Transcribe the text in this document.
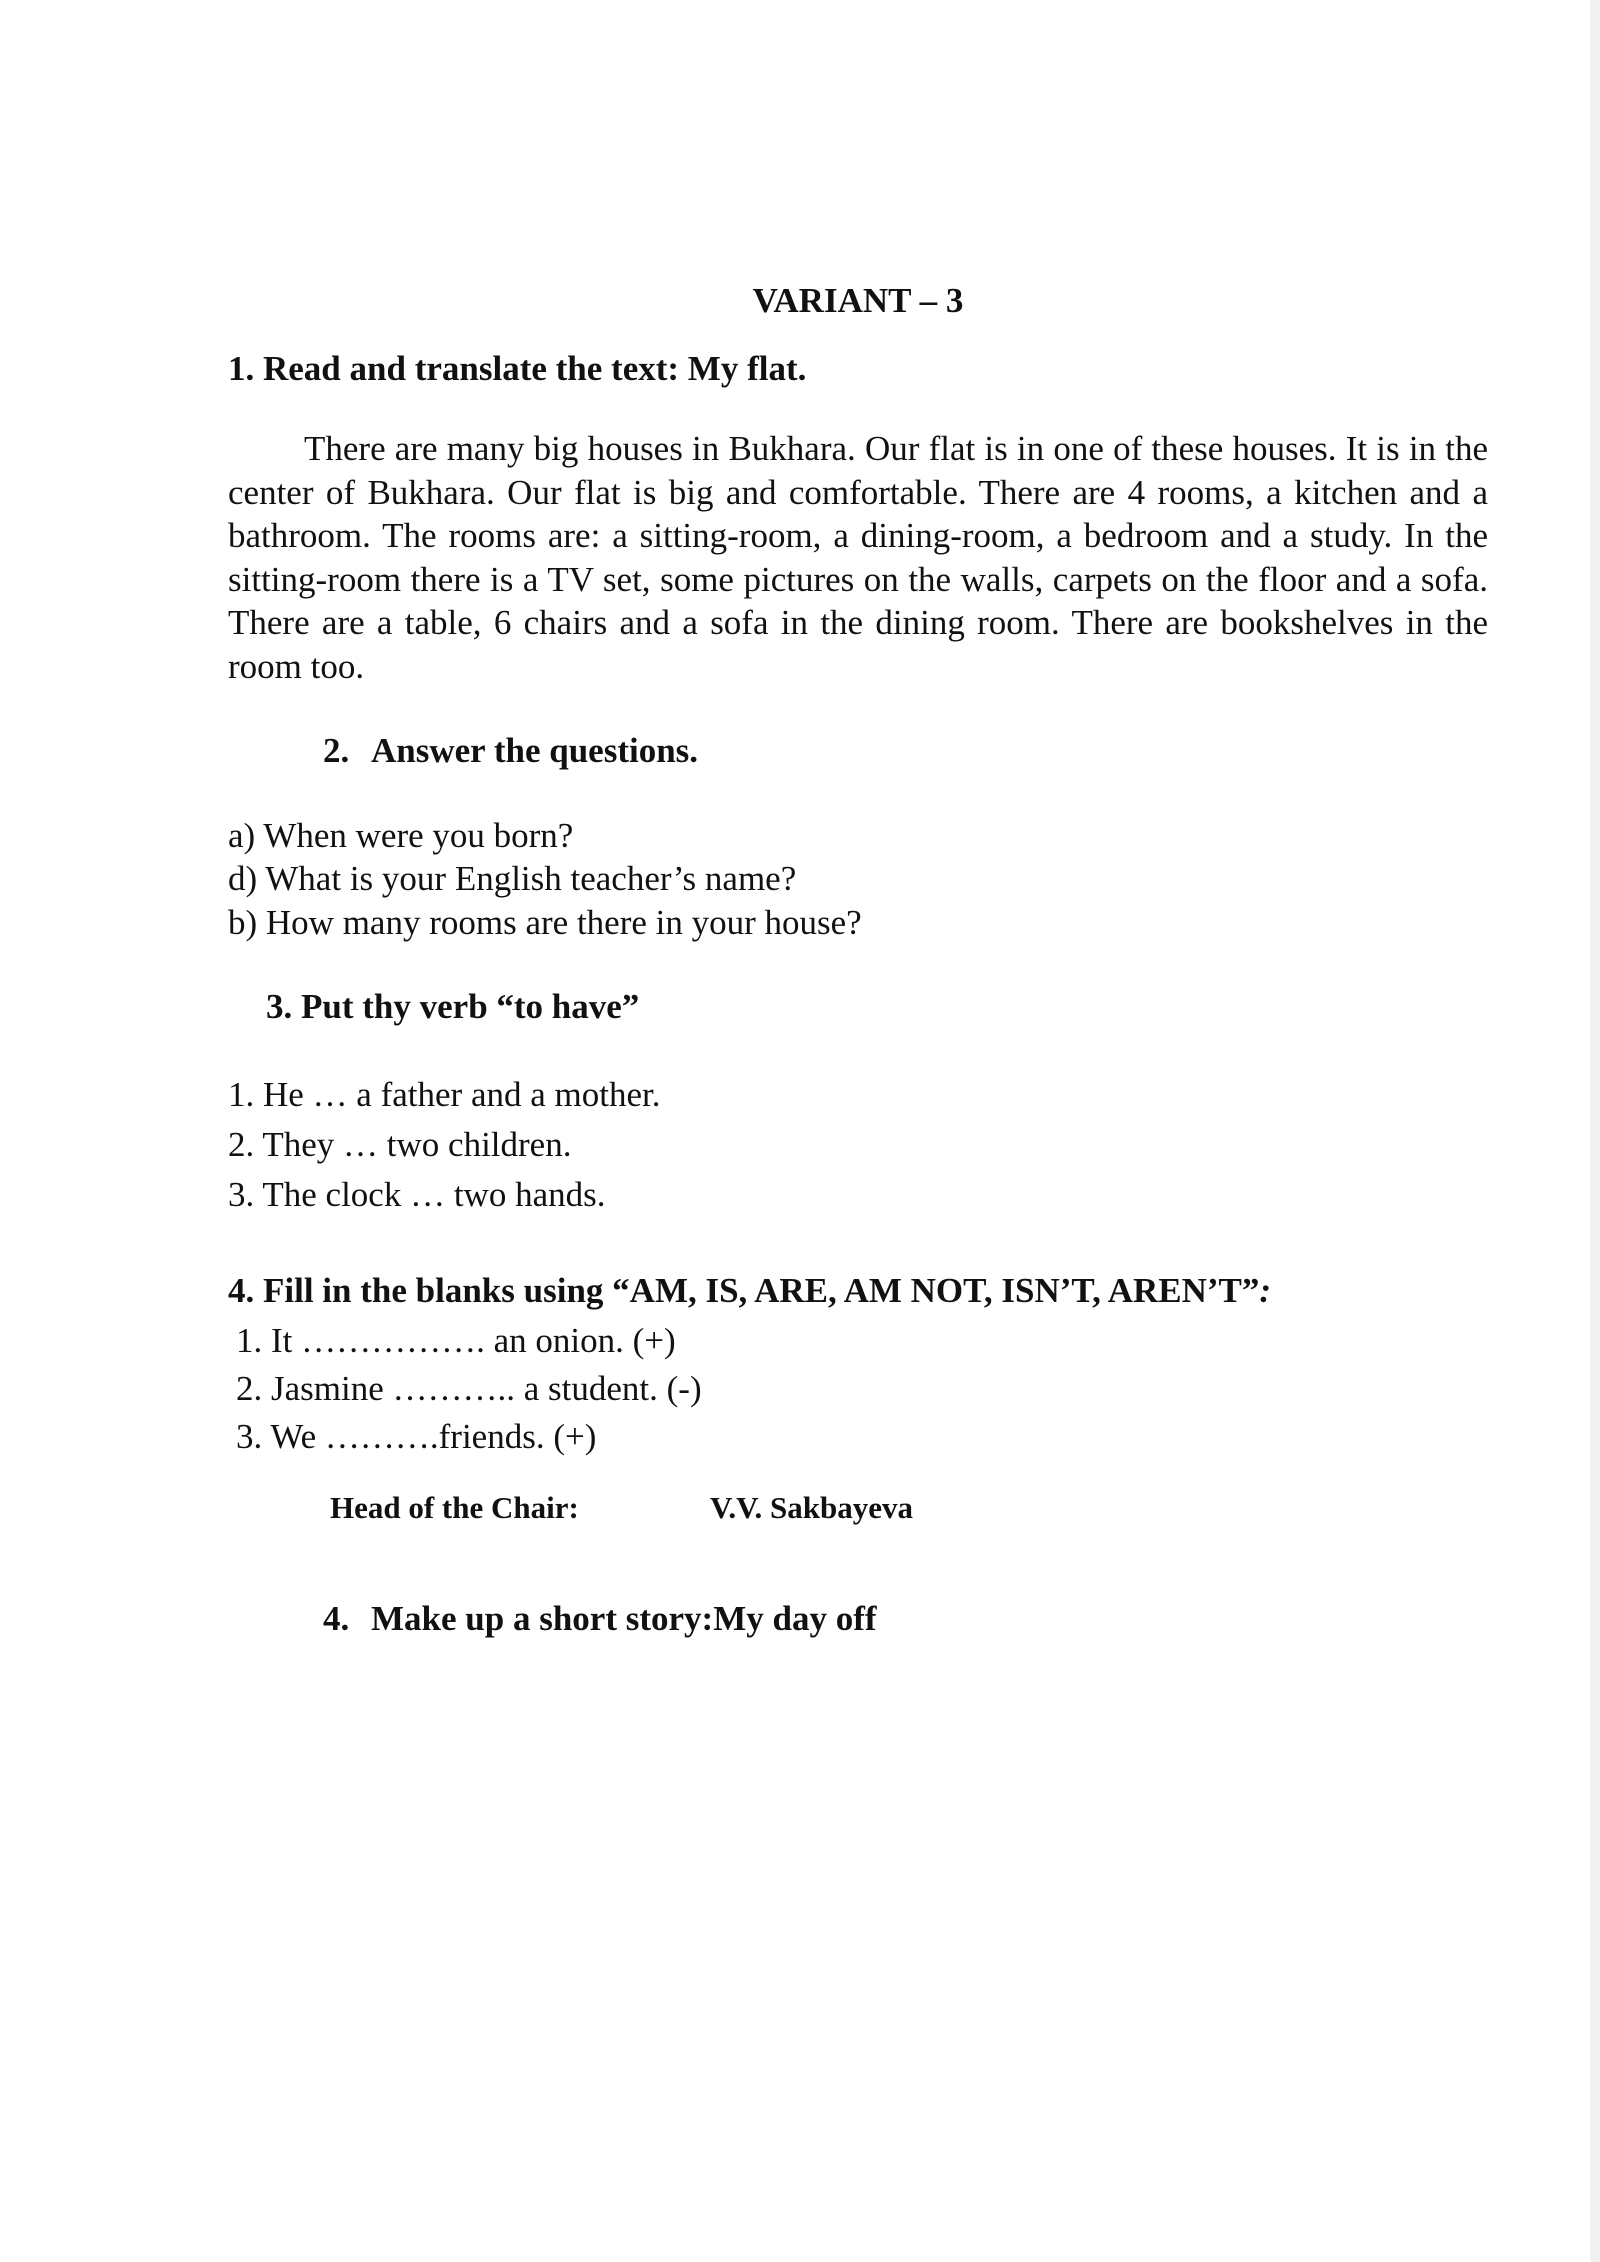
VARIANT – 3
1. Read and translate the text: My flat.

There are many big houses in Bukhara. Our flat is in one of these houses. It is in the center of Bukhara. Our flat is big and comfortable. There are 4 rooms, a kitchen and a bathroom. The rooms are: a sitting-room, a dining-room, a bedroom and a study. In the sitting-room there is a TV set, some pictures on the walls, carpets on the floor and a sofa. There are a table, 6 chairs and a sofa in the dining room. There are bookshelves in the room too.

2. Answer the questions.
a) When were you born?
d) What is your English teacher’s name?
b) How many rooms are there in your house?
3. Put thy verb “to have”
1. He … a father and a mother.
2. They … two children.
3. The clock … two hands.
4. Fill in the blanks using “AM, IS, ARE, AM NOT, ISN’T, AREN’T”:
1. It ……………. an onion. (+)
2. Jasmine ……….. a student. (-)
3. We ……….friends. (+)
4. Make up a short story:My day off
Head of the Chair:	V.V. Sakbayeva
